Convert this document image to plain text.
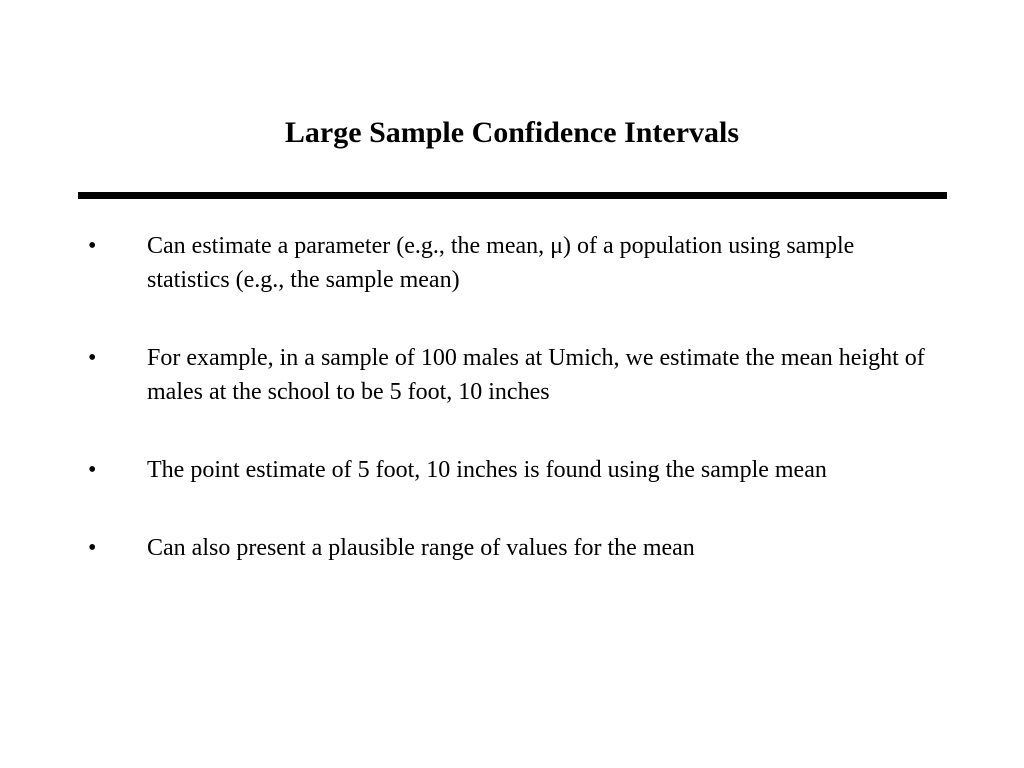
Large Sample Confidence Intervals
• Can estimate a parameter (e.g., the mean, μ) of a population using sample statistics (e.g., the sample mean)
• For example, in a sample of 100 males at Umich, we estimate the mean height of males at the school to be 5 foot, 10 inches
• The point estimate of 5 foot, 10 inches is found using the sample mean
• Can also present a plausible range of values for the mean
